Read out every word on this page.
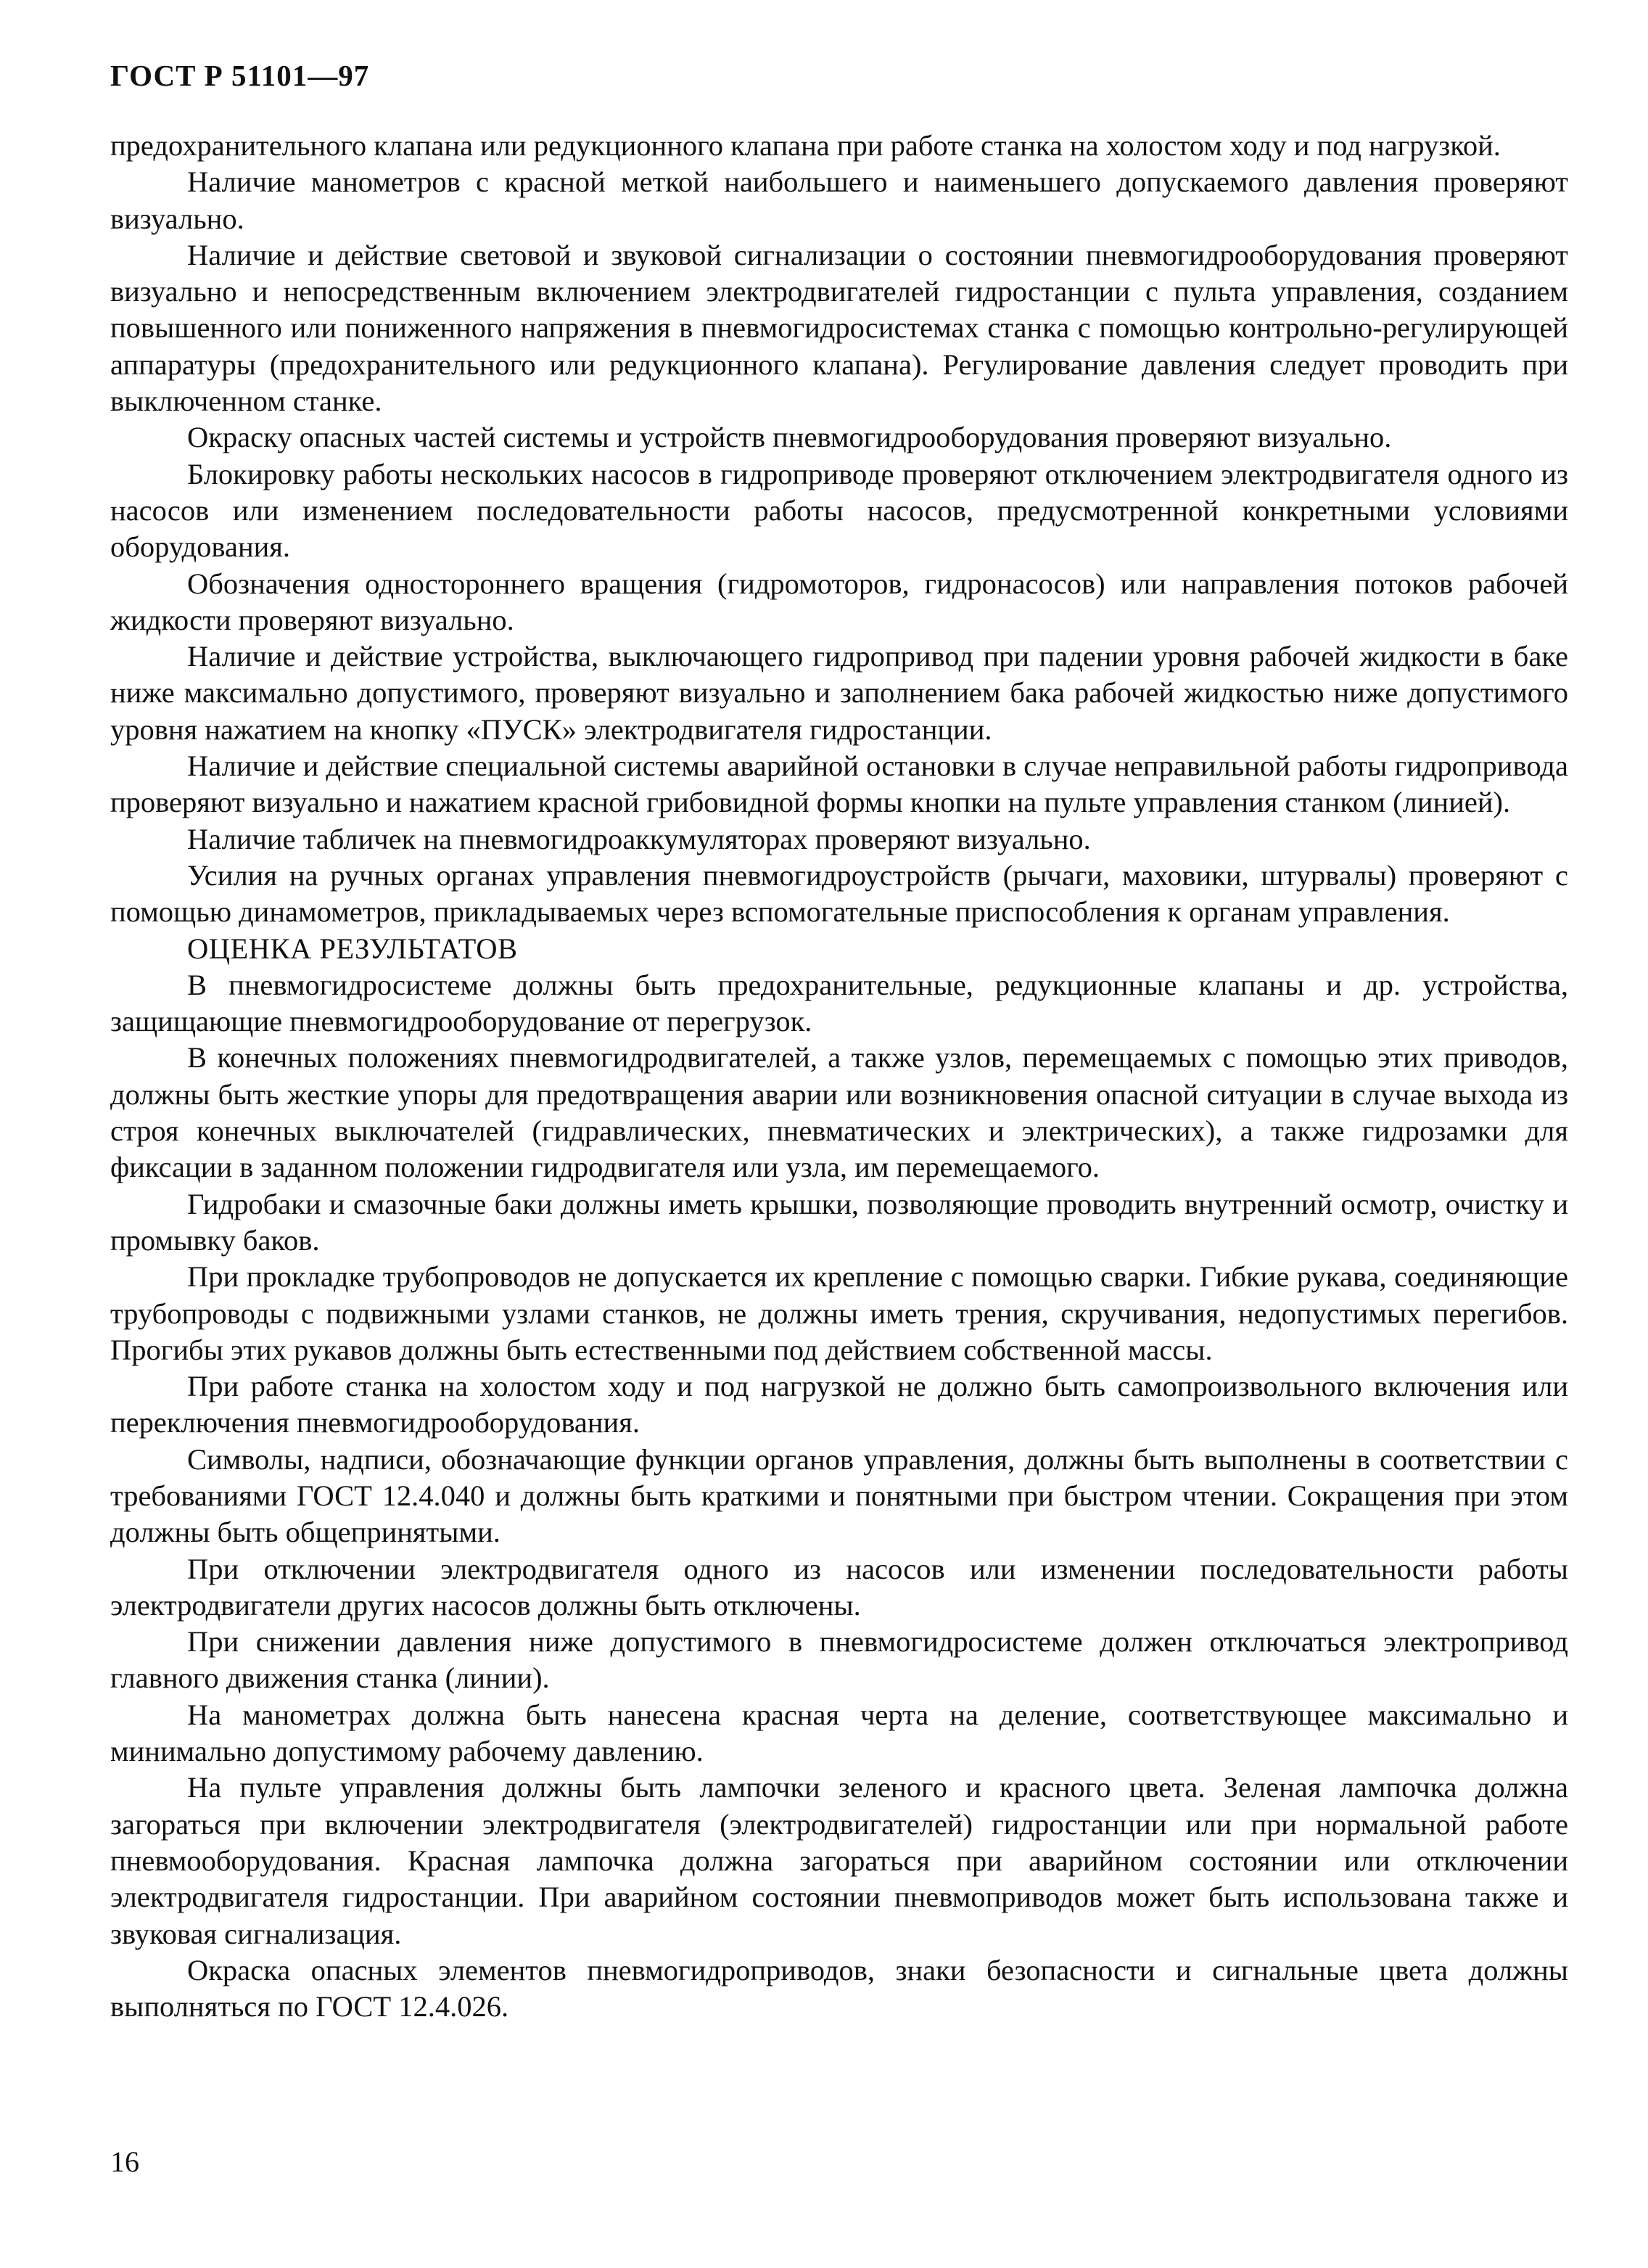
ГОСТ Р 51101—97

предохранительного клапана или редукционного клапана при работе станка на холостом ходу и под нагрузкой.

Наличие манометров с красной меткой наибольшего и наименьшего допускаемого давления проверяют визуально.

Наличие и действие световой и звуковой сигнализации о состоянии пневмогидрооборудования проверяют визуально и непосредственным включением электродвигателей гидростанции с пульта управления, созданием повышенного или пониженного напряжения в пневмогидросистемах станка с помощью контрольно-регулирующей аппаратуры (предохранительного или редукционного клапана). Регулирование давления следует проводить при выключенном станке.

Окраску опасных частей системы и устройств пневмогидрооборудования проверяют визуально.

Блокировку работы нескольких насосов в гидроприводе проверяют отключением электродвигателя одного из насосов или изменением последовательности работы насосов, предусмотренной конкретными условиями оборудования.

Обозначения одностороннего вращения (гидромоторов, гидронасосов) или направления потоков рабочей жидкости проверяют визуально.

Наличие и действие устройства, выключающего гидропривод при падении уровня рабочей жидкости в баке ниже максимально допустимого, проверяют визуально и заполнением бака рабочей жидкостью ниже допустимого уровня нажатием на кнопку «ПУСК» электродвигателя гидростанции.

Наличие и действие специальной системы аварийной остановки в случае неправильной работы гидропривода проверяют визуально и нажатием красной грибовидной формы кнопки на пульте управления станком (линией).

Наличие табличек на пневмогидроаккумуляторах проверяют визуально.

Усилия на ручных органах управления пневмогидроустройств (рычаги, маховики, штурвалы) проверяют с помощью динамометров, прикладываемых через вспомогательные приспособления к органам управления.

ОЦЕНКА РЕЗУЛЬТАТОВ

В пневмогидросистеме должны быть предохранительные, редукционные клапаны и др. устройства, защищающие пневмогидрооборудование от перегрузок.

В конечных положениях пневмогидродвигателей, а также узлов, перемещаемых с помощью этих приводов, должны быть жесткие упоры для предотвращения аварии или возникновения опасной ситуации в случае выхода из строя конечных выключателей (гидравлических, пневматических и электрических), а также гидрозамки для фиксации в заданном положении гидродвигателя или узла, им перемещаемого.

Гидробаки и смазочные баки должны иметь крышки, позволяющие проводить внутренний осмотр, очистку и промывку баков.

При прокладке трубопроводов не допускается их крепление с помощью сварки. Гибкие рукава, соединяющие трубопроводы с подвижными узлами станков, не должны иметь трения, скручивания, недопустимых перегибов. Прогибы этих рукавов должны быть естественными под действием собственной массы.

При работе станка на холостом ходу и под нагрузкой не должно быть самопроизвольного включения или переключения пневмогидрооборудования.

Символы, надписи, обозначающие функции органов управления, должны быть выполнены в соответствии с требованиями ГОСТ 12.4.040 и должны быть краткими и понятными при быстром чтении. Сокращения при этом должны быть общепринятыми.

При отключении электродвигателя одного из насосов или изменении последовательности работы электродвигатели других насосов должны быть отключены.

При снижении давления ниже допустимого в пневмогидросистеме должен отключаться электропривод главного движения станка (линии).

На манометрах должна быть нанесена красная черта на деление, соответствующее максимально и минимально допустимому рабочему давлению.

На пульте управления должны быть лампочки зеленого и красного цвета. Зеленая лампочка должна загораться при включении электродвигателя (электродвигателей) гидростанции или при нормальной работе пневмооборудования. Красная лампочка должна загораться при аварийном состоянии или отключении электродвигателя гидростанции. При аварийном состоянии пневмоприводов может быть использована также и звуковая сигнализация.

Окраска опасных элементов пневмогидроприводов, знаки безопасности и сигнальные цвета должны выполняться по ГОСТ 12.4.026.

16
